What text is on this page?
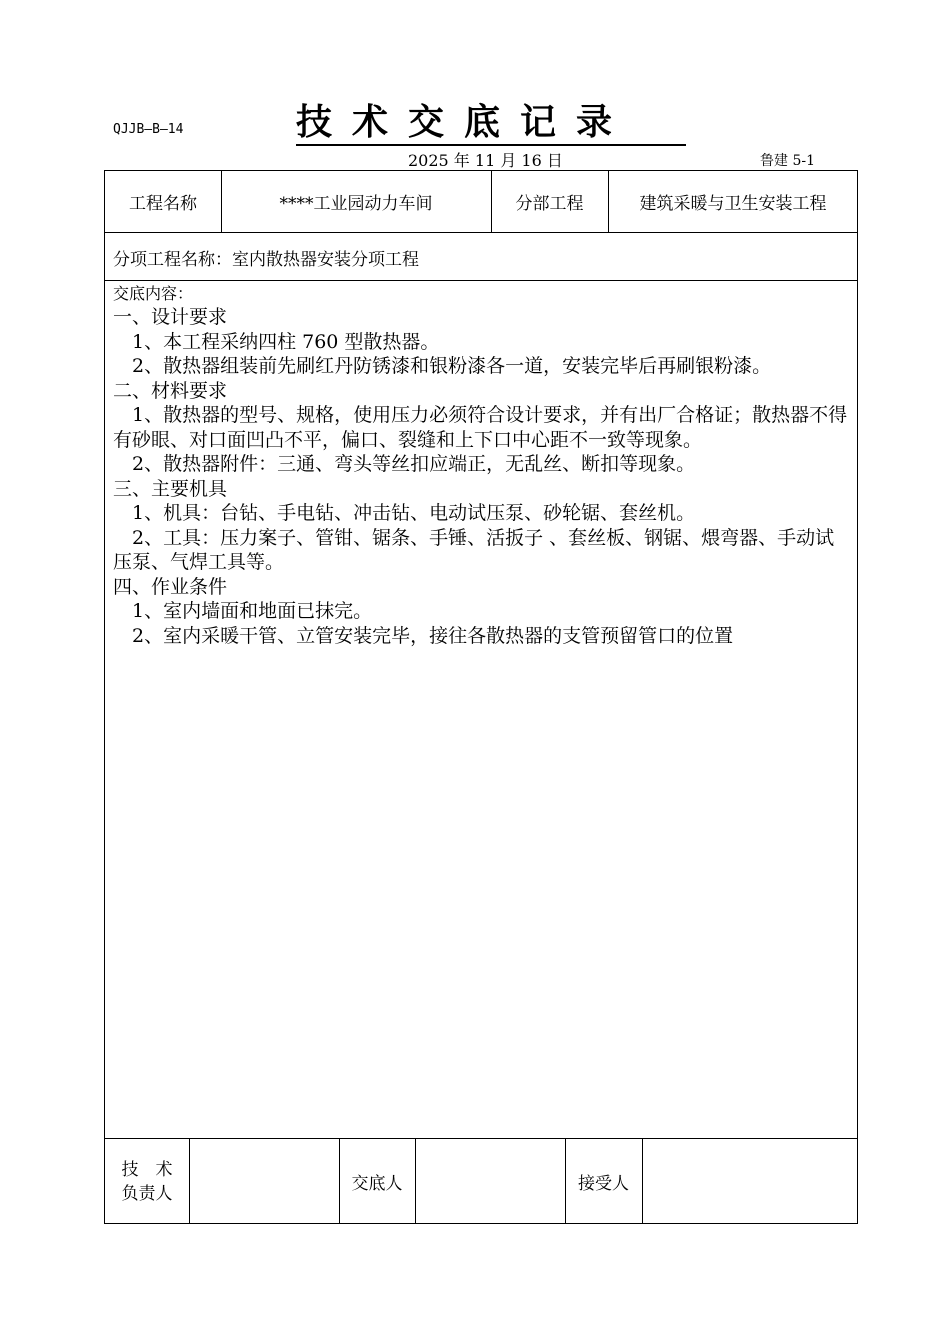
QJJB—B—14	技术交底记录
2025 年 11 月 16 日	鲁建 5-1
工程名称	****工业园动力车间	分部工程	建筑采暖与卫生安装工程
分项工程名称：室内散热器安装分项工程

交底内容：

一、设计要求

1、本工程采纳四柱 760 型散热器。

2、散热器组装前先刷红丹防锈漆和银粉漆各一道，安装完毕后再刷银粉漆。

二、材料要求

1、散热器的型号、规格，使用压力必须符合设计要求，并有出厂合格证；散热器不得有砂眼、对口面凹凸不平，偏口、裂缝和上下口中心距不一致等现象。

2、散热器附件：三通、弯头等丝扣应端正，无乱丝、断扣等现象。

三、主要机具

1、机具：台钻、手电钻、冲击钻、电动试压泵、砂轮锯、套丝机。

2、工具：压力案子、管钳、锯条、手锤、活扳子 、套丝板、钢锯、煨弯器、手动试压泵、气焊工具等。

四、作业条件

1、室内墙面和地面已抹完。

2、室内采暖干管、立管安装完毕，接往各散热器的支管预留管口的位置

技　术
负责人	交底人	接受人
